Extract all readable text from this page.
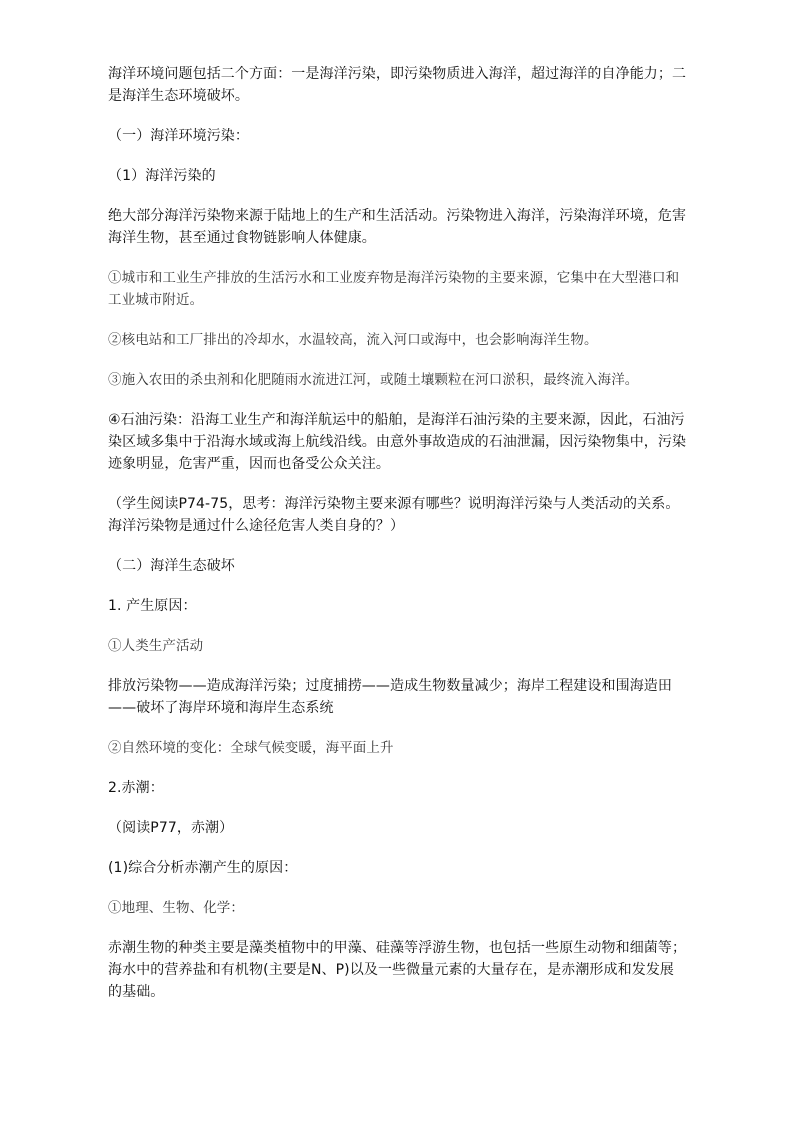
海洋环境问题包括二个方面：一是海洋污染，即污染物质进入海洋，超过海洋的自净能力；二是海洋生态环境破坏。

（一）海洋环境污染：

（1）海洋污染的

绝大部分海洋污染物来源于陆地上的生产和生活活动。污染物进入海洋，污染海洋环境，危害海洋生物，甚至通过食物链影响人体健康。

①城市和工业生产排放的生活污水和工业废弃物是海洋污染物的主要来源，它集中在大型港口和工业城市附近。

②核电站和工厂排出的冷却水，水温较高，流入河口或海中，也会影响海洋生物。

③施入农田的杀虫剂和化肥随雨水流进江河，或随土壤颗粒在河口淤积，最终流入海洋。

④石油污染：沿海工业生产和海洋航运中的船舶，是海洋石油污染的主要来源，因此，石油污染区域多集中于沿海水域或海上航线沿线。由意外事故造成的石油泄漏，因污染物集中，污染迹象明显，危害严重，因而也备受公众关注。

（学生阅读P74-75，思考：海洋污染物主要来源有哪些？说明海洋污染与人类活动的关系。海洋污染物是通过什么途径危害人类自身的？）

（二）海洋生态破坏

1. 产生原因：

①人类生产活动

排放污染物——造成海洋污染；过度捕捞——造成生物数量减少；海岸工程建设和围海造田——破坏了海岸环境和海岸生态系统

②自然环境的变化：全球气候变暖，海平面上升

2.赤潮：

（阅读P77，赤潮）

(1)综合分析赤潮产生的原因：

①地理、生物、化学：

赤潮生物的种类主要是藻类植物中的甲藻、硅藻等浮游生物，也包括一些原生动物和细菌等；海水中的营养盐和有机物(主要是N、P)以及一些微量元素的大量存在，是赤潮形成和发发展的基础。
